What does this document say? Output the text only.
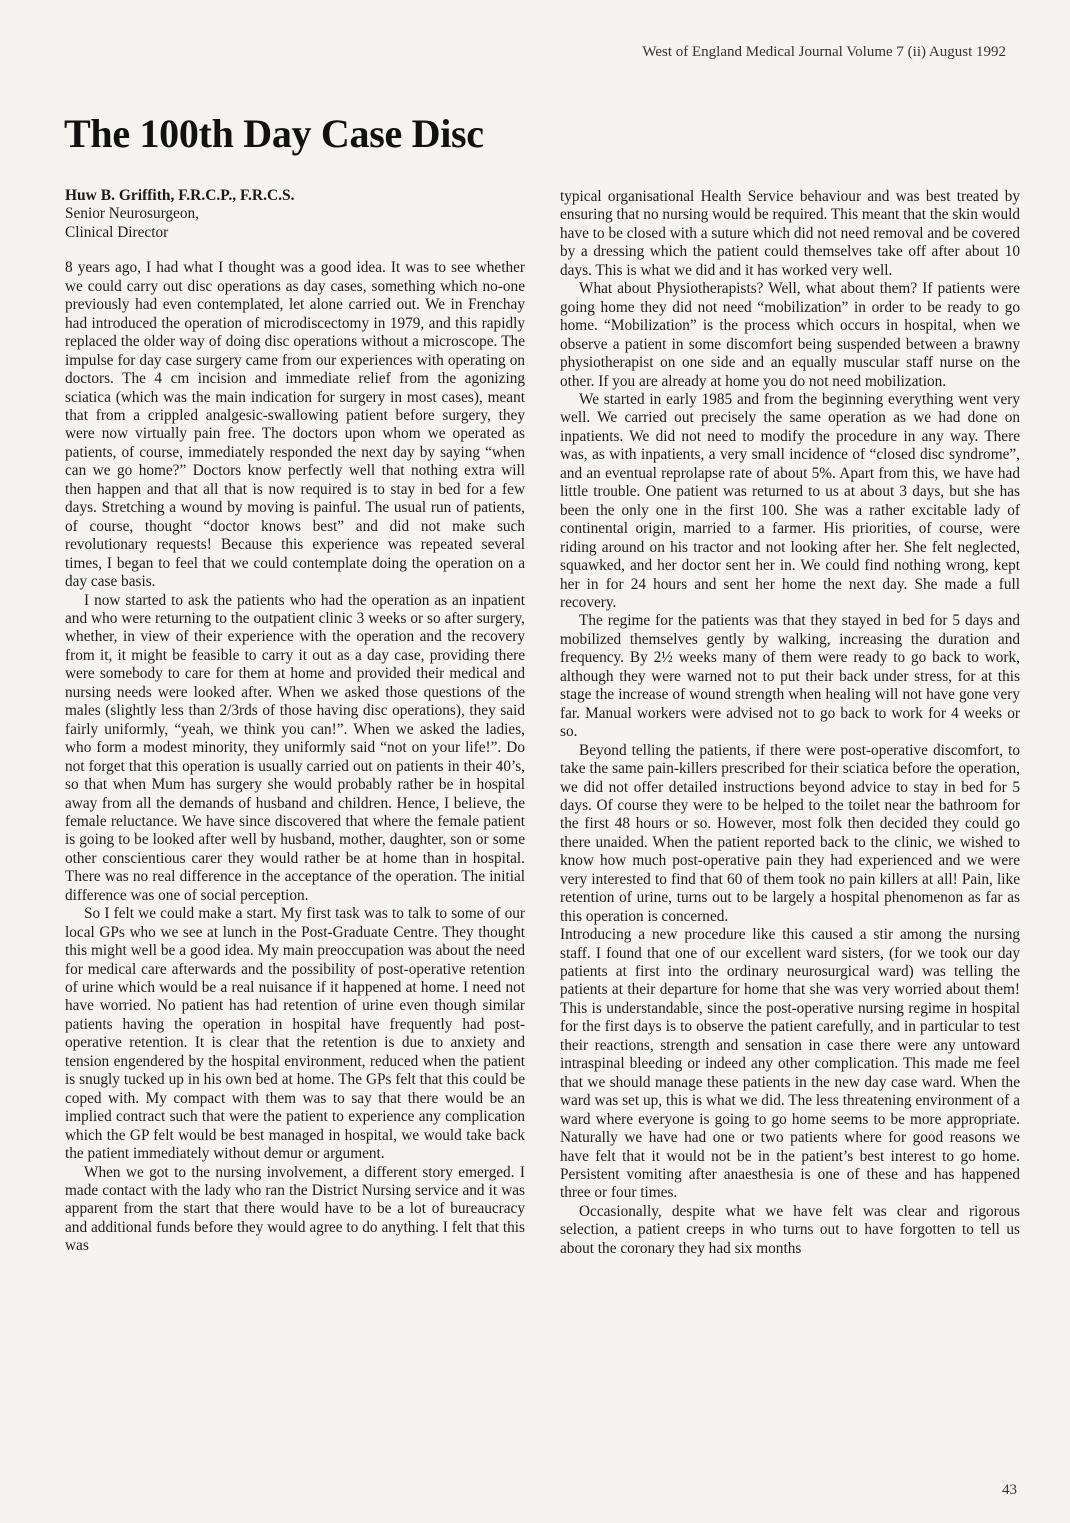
West of England Medical Journal Volume 7 (ii) August 1992
The 100th Day Case Disc
Huw B. Griffith, F.R.C.P., F.R.C.S.
Senior Neurosurgeon,
Clinical Director

8 years ago, I had what I thought was a good idea. It was to see whether we could carry out disc operations as day cases, something which no-one previously had even contemplated, let alone carried out. We in Frenchay had introduced the operation of microdiscectomy in 1979, and this rapidly replaced the older way of doing disc operations without a microscope. The impulse for day case surgery came from our experiences with operating on doctors. The 4 cm incision and immediate relief from the agonizing sciatica (which was the main indication for surgery in most cases), meant that from a crippled analgesic-swallowing patient before surgery, they were now virtually pain free. The doctors upon whom we operated as patients, of course, immediately responded the next day by saying “when can we go home?” Doctors know perfectly well that nothing extra will then happen and that all that is now required is to stay in bed for a few days. Stretching a wound by moving is painful. The usual run of patients, of course, thought “doctor knows best” and did not make such revolutionary requests! Because this experience was repeated several times, I began to feel that we could contemplate doing the operation on a day case basis.

I now started to ask the patients who had the operation as an inpatient and who were returning to the outpatient clinic 3 weeks or so after surgery, whether, in view of their experience with the operation and the recovery from it, it might be feasible to carry it out as a day case, providing there were somebody to care for them at home and provided their medical and nursing needs were looked after. When we asked those questions of the males (slightly less than 2/3rds of those having disc operations), they said fairly uniformly, “yeah, we think you can!”. When we asked the ladies, who form a modest minority, they uniformly said “not on your life!”. Do not forget that this operation is usually carried out on patients in their 40’s, so that when Mum has surgery she would probably rather be in hospital away from all the demands of husband and children. Hence, I believe, the female reluctance. We have since discovered that where the female patient is going to be looked after well by husband, mother, daughter, son or some other conscientious carer they would rather be at home than in hospital. There was no real difference in the acceptance of the operation. The initial difference was one of social perception.

So I felt we could make a start. My first task was to talk to some of our local GPs who we see at lunch in the Post-Graduate Centre. They thought this might well be a good idea. My main preoccupation was about the need for medical care afterwards and the possibility of post-operative retention of urine which would be a real nuisance if it happened at home. I need not have worried. No patient has had retention of urine even though similar patients having the operation in hospital have frequently had post-operative retention. It is clear that the retention is due to anxiety and tension engendered by the hospital environment, reduced when the patient is snugly tucked up in his own bed at home. The GPs felt that this could be coped with. My compact with them was to say that there would be an implied contract such that were the patient to experience any complication which the GP felt would be best managed in hospital, we would take back the patient immediately without demur or argument.

When we got to the nursing involvement, a different story emerged. I made contact with the lady who ran the District Nursing service and it was apparent from the start that there would have to be a lot of bureaucracy and additional funds before they would agree to do anything. I felt that this was

typical organisational Health Service behaviour and was best treated by ensuring that no nursing would be required. This meant that the skin would have to be closed with a suture which did not need removal and be covered by a dressing which the patient could themselves take off after about 10 days. This is what we did and it has worked very well.

What about Physiotherapists? Well, what about them? If patients were going home they did not need “mobilization” in order to be ready to go home. “Mobilization” is the process which occurs in hospital, when we observe a patient in some discomfort being suspended between a brawny physiotherapist on one side and an equally muscular staff nurse on the other. If you are already at home you do not need mobilization.

We started in early 1985 and from the beginning everything went very well. We carried out precisely the same operation as we had done on inpatients. We did not need to modify the procedure in any way. There was, as with inpatients, a very small incidence of “closed disc syndrome”, and an eventual reprolapse rate of about 5%. Apart from this, we have had little trouble. One patient was returned to us at about 3 days, but she has been the only one in the first 100. She was a rather excitable lady of continental origin, married to a farmer. His priorities, of course, were riding around on his tractor and not looking after her. She felt neglected, squawked, and her doctor sent her in. We could find nothing wrong, kept her in for 24 hours and sent her home the next day. She made a full recovery.

The regime for the patients was that they stayed in bed for 5 days and mobilized themselves gently by walking, increasing the duration and frequency. By 2½ weeks many of them were ready to go back to work, although they were warned not to put their back under stress, for at this stage the increase of wound strength when healing will not have gone very far. Manual workers were advised not to go back to work for 4 weeks or so.

Beyond telling the patients, if there were post-operative discomfort, to take the same pain-killers prescribed for their sciatica before the operation, we did not offer detailed instructions beyond advice to stay in bed for 5 days. Of course they were to be helped to the toilet near the bathroom for the first 48 hours or so. However, most folk then decided they could go there unaided. When the patient reported back to the clinic, we wished to know how much post-operative pain they had experienced and we were very interested to find that 60 of them took no pain killers at all! Pain, like retention of urine, turns out to be largely a hospital phenomenon as far as this operation is concerned.

Introducing a new procedure like this caused a stir among the nursing staff. I found that one of our excellent ward sisters, (for we took our day patients at first into the ordinary neurosurgical ward) was telling the patients at their departure for home that she was very worried about them! This is understandable, since the post-operative nursing regime in hospital for the first days is to observe the patient carefully, and in particular to test their reactions, strength and sensation in case there were any untoward intraspinal bleeding or indeed any other complication. This made me feel that we should manage these patients in the new day case ward. When the ward was set up, this is what we did. The less threatening environment of a ward where everyone is going to go home seems to be more appropriate. Naturally we have had one or two patients where for good reasons we have felt that it would not be in the patient’s best interest to go home. Persistent vomiting after anaesthesia is one of these and has happened three or four times.

Occasionally, despite what we have felt was clear and rigorous selection, a patient creeps in who turns out to have forgotten to tell us about the coronary they had six months

43
